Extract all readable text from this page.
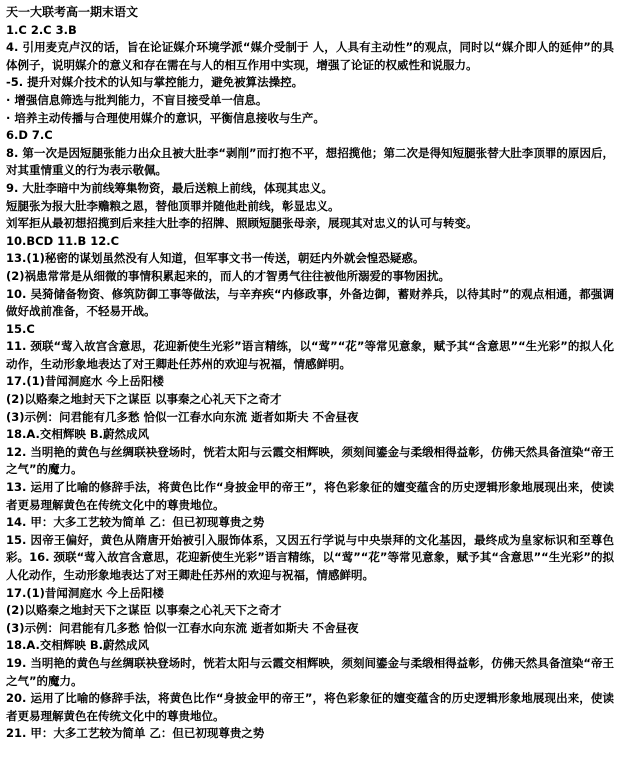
天一大联考高一期末语文

1.C 2.C 3.B

4. 引用麦克卢汉的话，旨在论证媒介环境学派“媒介受制于 人，人具有主动性”的观点，同时以“媒介即人的延伸”的具体例子，说明媒介的意义和存在需在与人的相互作用中实现，增强了论证的权威性和说服力。

-5. 提升对媒介技术的认知与掌控能力，避免被算法操控。

· 增强信息筛选与批判能力，不盲目接受单一信息。

· 培养主动传播与合理使用媒介的意识，平衡信息接收与生产。

6.D 7.C

8. 第一次是因短腿张能力出众且被大肚李“剥削”而打抱不平，想招揽他；第二次是得知短腿张替大肚李顶罪的原因后，对其重情重义的行为表示敬佩。

9. 大肚李暗中为前线筹集物资，最后送粮上前线，体现其忠义。

短腿张为报大肚李赡粮之恩，替他顶罪并随他赴前线，彰显忠义。

刘军拒从最初想招揽到后来挂大肚李的招牌、照顾短腿张母亲，展现其对忠义的认可与转变。

10.BCD 11.B 12.C

13.(1)秘密的谋划虽然没有人知道，但军事文书一传送，朝廷内外就会惶恐疑惑。

(2)祸患常常是从细微的事情积累起来的，而人的才智勇气往往被他所溺爱的事物困扰。

10. 吴猗储备物资、修筑防御工事等做法，与辛弃疾“内修政事，外备边御，蓄财养兵，以待其时”的观点相通，都强调做好战前准备，不轻易开战。

15.C

11. 颈联“莺入故宫含意思，花迎新使生光彩”语言精练，以“莺”“花”等常见意象，赋予其“含意思”“生光彩”的拟人化动作，生动形象地表达了对王卿赴任苏州的欢迎与祝福，情感鲜明。

17.(1)昔闻洞庭水 今上岳阳楼

(2)以赂秦之地封天下之谋臣 以事秦之心礼天下之奇才

(3)示例：问君能有几多愁 恰似一江春水向东流 逝者如斯夫 不舍昼夜

18.A.交相辉映 B.蔚然成风

12. 当明艳的黄色与丝绸联袂登场时，恍若太阳与云霞交相辉映，须刻间鎏金与柔缎相得益彰，仿佛天然具备渲染“帝王之气”的魔力。

13. 运用了比喻的修辞手法，将黄色比作“身披金甲的帝王”，将色彩象征的嬗变蕴含的历史逻辑形象地展现出来，使读者更易理解黄色在传统文化中的尊贵地位。

14. 甲：大多工艺较为简单 乙：但已初现尊贵之势

15. 因帝王偏好，黄色从隋唐开始被引入服饰体系，又因五行学说与中央崇拜的文化基因，最终成为皇家标识和至尊色彩。16. 颈联“莺入故宫含意思，花迎新使生光彩”语言精练，以“莺”“花”等常见意象，赋予其“含意思”“生光彩”的拟人化动作，生动形象地表达了对王卿赴任苏州的欢迎与祝福，情感鲜明。

17.(1)昔闻洞庭水 今上岳阳楼

(2)以赂秦之地封天下之谋臣 以事秦之心礼天下之奇才

(3)示例：问君能有几多愁 恰似一江春水向东流 逝者如斯夫 不舍昼夜

18.A.交相辉映 B.蔚然成风

19. 当明艳的黄色与丝绸联袂登场时，恍若太阳与云霞交相辉映，须刻间鎏金与柔缎相得益彰，仿佛天然具备渲染“帝王之气”的魔力。

20. 运用了比喻的修辞手法，将黄色比作“身披金甲的帝王”，将色彩象征的嬗变蕴含的历史逻辑形象地展现出来，使读者更易理解黄色在传统文化中的尊贵地位。

21. 甲：大多工艺较为简单 乙：但已初现尊贵之势
